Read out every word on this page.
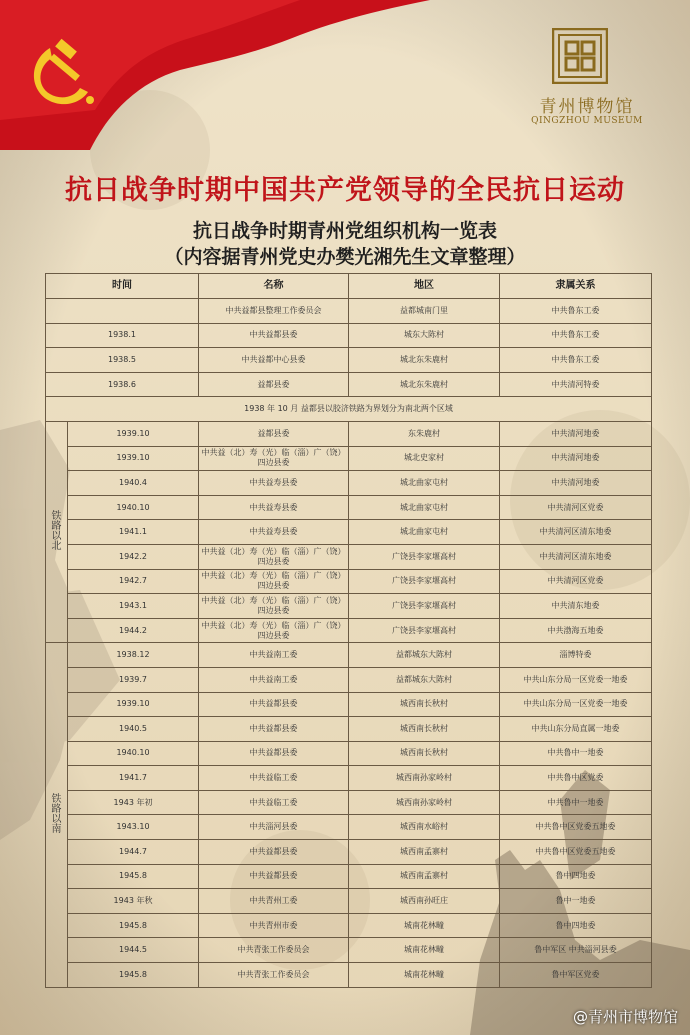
青州博物馆
QINGZHOU MUSEUM
抗日战争时期中国共产党领导的全民抗日运动
抗日战争时期青州党组织机构一览表
（内容据青州党史办樊光湘先生文章整理）
时间		名称	地区	隶属关系
		中共益都县整理工作委员会	益都城南门里	中共鲁东工委
1938.1		中共益都县委	城东大陈村	中共鲁东工委
1938.5		中共益都中心县委	城北东朱鹿村	中共鲁东工委
1938.6		益都县委	城北东朱鹿村	中共清河特委
1938 年 10 月 益都县以胶济铁路为界划分为南北两个区域				

铁
路
以
北	1939.10	益都县委	东朱鹿村	中共清河地委
	1939.10	中共益（北）寿（光）临（淄）广（饶）四边县委	城北史家村	中共清河地委
	1940.4	中共益寿县委	城北曲家屯村	中共清河地委
	1940.10	中共益寿县委	城北曲家屯村	中共清河区党委
	1941.1	中共益寿县委	城北曲家屯村	中共清河区清东地委
	1942.2	中共益（北）寿（光）临（淄）广（饶）四边县委	广饶县李家堰高村	中共清河区清东地委
	1942.7	中共益（北）寿（光）临（淄）广（饶）四边县委	广饶县李家堰高村	中共清河区党委
	1943.1	中共益（北）寿（光）临（淄）广（饶）四边县委	广饶县李家堰高村	中共清东地委
	1944.2	中共益（北）寿（光）临（淄）广（饶）四边县委	广饶县李家堰高村	中共渤海五地委

铁
路
以
南	1938.12	中共益南工委	益都城东大陈村	淄博特委
	1939.7	中共益南工委	益都城东大陈村	中共山东分局一区党委一地委
	1939.10	中共益都县委	城西南长秋村	中共山东分局一区党委一地委
	1940.5	中共益都县委	城西南长秋村	中共山东分局直属一地委
	1940.10	中共益都县委	城西南长秋村	中共鲁中一地委
	1941.7	中共益临工委	城西南孙家岭村	中共鲁中区党委
	1943 年初	中共益临工委	城西南孙家岭村	中共鲁中一地委
	1943.10	中共淄河县委	城西南水峪村	中共鲁中区党委五地委
	1944.7	中共益都县委	城西南孟寨村	中共鲁中区党委五地委
	1945.8	中共益都县委	城西南孟寨村	鲁中四地委
	1943 年秋	中共青州工委	城西南孙旺庄	鲁中一地委
	1945.8	中共青州市委	城南花林疃	鲁中四地委
	1944.5	中共青张工作委员会	城南花林疃	鲁中军区 中共淄河县委
	1945.8	中共青张工作委员会	城南花林疃	鲁中军区党委
@青州市博物馆
